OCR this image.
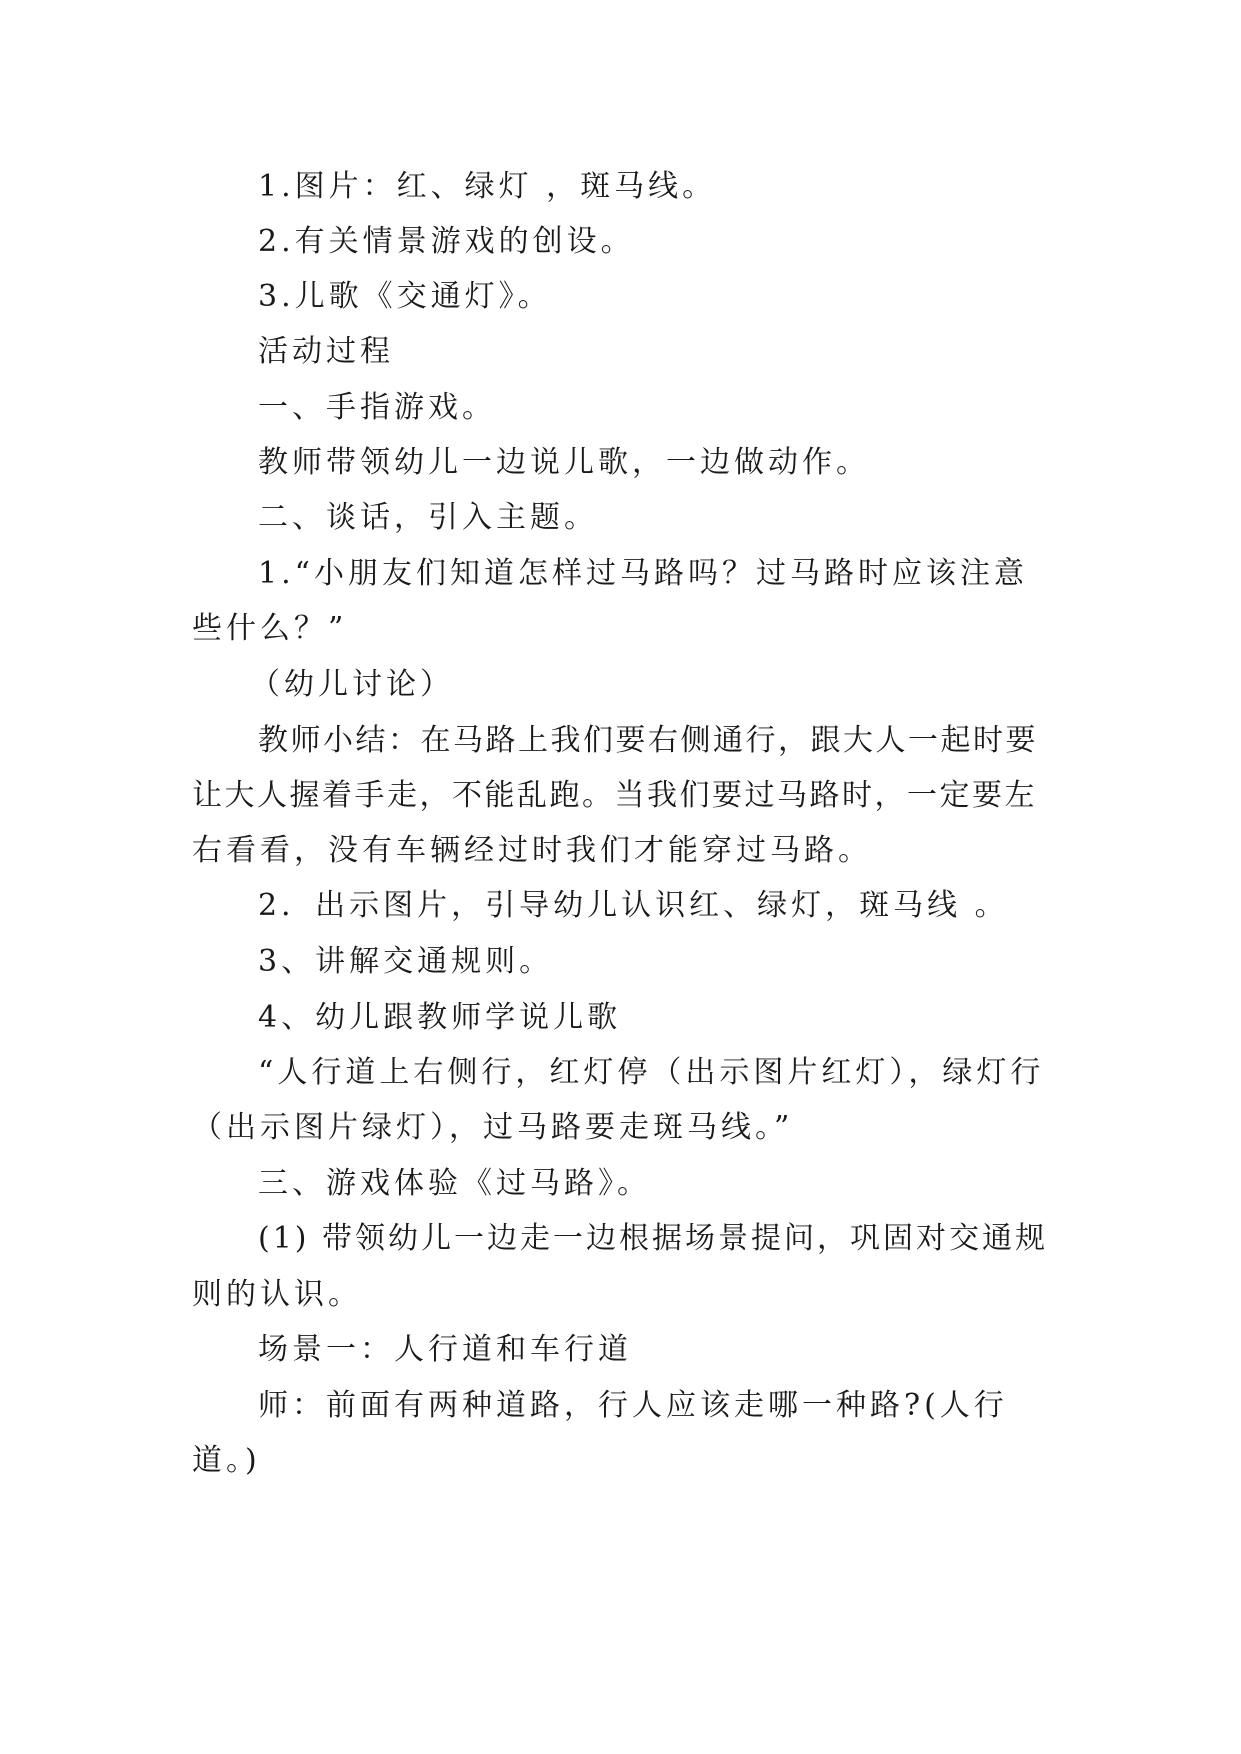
1.图片：红、绿灯 ，斑马线。
2.有关情景游戏的创设。
3.儿歌《交通灯》。
活动过程
一、手指游戏。
教师带领幼儿一边说儿歌，一边做动作。
二、谈话，引入主题。
1.“小朋友们知道怎样过马路吗？过马路时应该注意
些什么？”
（幼儿讨论）
教师小结：在马路上我们要右侧通行，跟大人一起时要
让大人握着手走，不能乱跑。当我们要过马路时，一定要左
右看看，没有车辆经过时我们才能穿过马路。
2．出示图片，引导幼儿认识红、绿灯，斑马线 。
3、讲解交通规则。
4、幼儿跟教师学说儿歌
“人行道上右侧行，红灯停（出示图片红灯），绿灯行
（出示图片绿灯），过马路要走斑马线。”
三、游戏体验《过马路》。
(1) 带领幼儿一边走一边根据场景提问，巩固对交通规
则的认识。
场景一：人行道和车行道
师：前面有两种道路，行人应该走哪一种路?(人行
道。)
